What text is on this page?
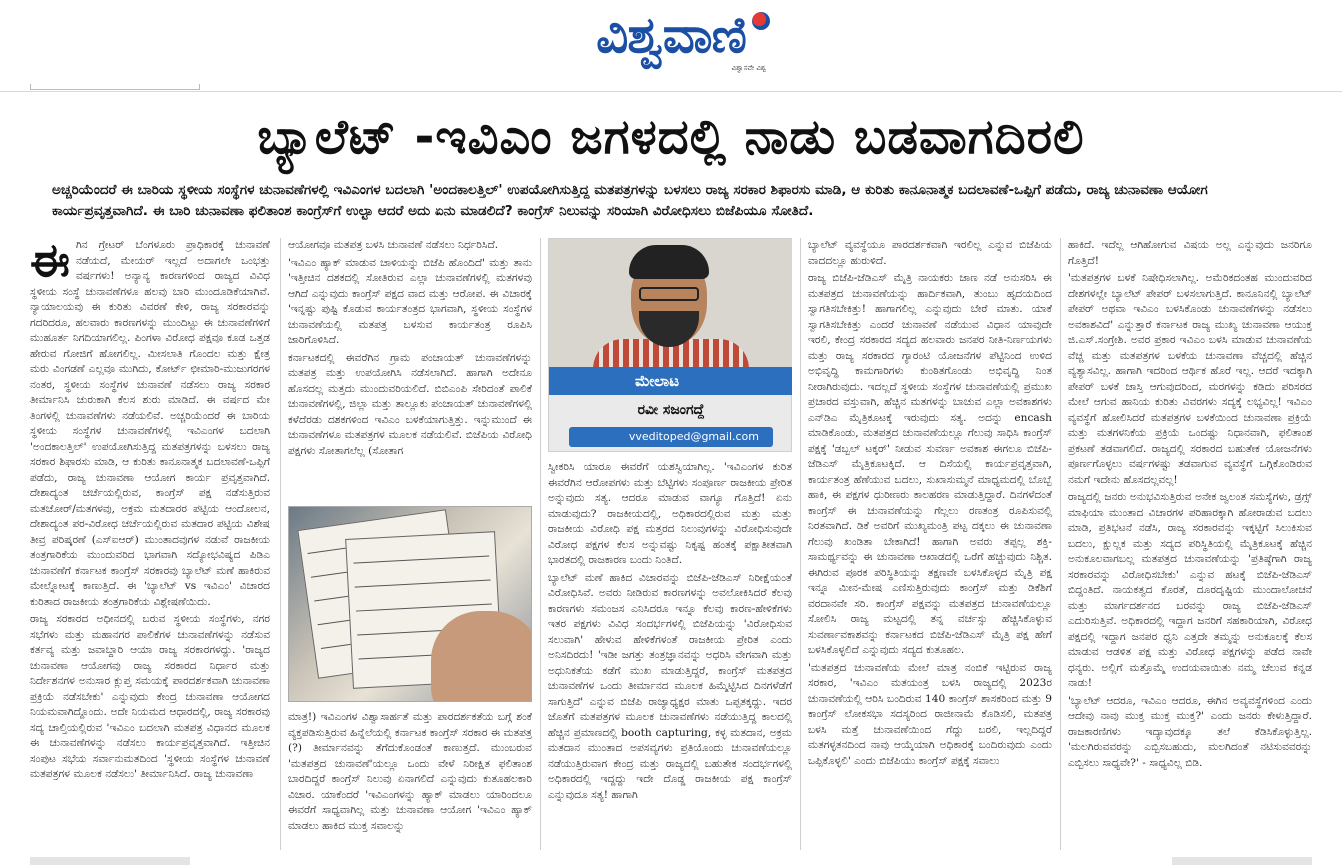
ವಿಶ್ವವಾಣಿ
ವಿಶ್ವಾಸವೇ ವಿಶ್ವ
ಬ್ಯಾಲೆಟ್ -ಇವಿಎಂ ಜಗಳದಲ್ಲಿ ನಾಡು ಬಡವಾಗದಿರಲಿ
ಅಚ್ಚರಿಯೆಂದರೆ ಈ ಬಾರಿಯ ಸ್ಥಳೀಯ ಸಂಸ್ಥೆಗಳ ಚುನಾವಣೆಗಳಲ್ಲಿ ಇವಿಎಂಗಳ ಬದಲಾಗಿ 'ಅಂದಕಾಲತ್ತಿಲ್' ಉಪಯೋಗಿಸುತ್ತಿದ್ದ ಮತಪತ್ರಗಳನ್ನು ಬಳಸಲು ರಾಜ್ಯ ಸರಕಾರ ಶಿಫಾರಸು ಮಾಡಿ, ಆ ಕುರಿತು ಕಾನೂನಾತ್ಮಕ ಬದಲಾವಣೆ-ಒಪ್ಪಿಗೆ ಪಡೆದು, ರಾಜ್ಯ ಚುನಾವಣಾ ಆಯೋಗ ಕಾರ್ಯಪ್ರವೃತ್ತವಾಗಿದೆ. ಈ ಬಾರಿ ಚುನಾವಣಾ ಫಲಿತಾಂಶ ಕಾಂಗ್ರೆಸ್‌ಗೆ ಉಲ್ಟಾ ಆದರೆ ಅದು ಏನು ಮಾಡಲಿದೆ? ಕಾಂಗ್ರೆಸ್ ನಿಲುವನ್ನು ಸರಿಯಾಗಿ ವಿರೋಧಿಸಲು ಬಿಜೆಪಿಯೂ ಸೋತಿದೆ.

ಈ ಗಿನ ಗ್ರೇಟರ್ ಬೆಂಗಳೂರು ಪ್ರಾಧಿಕಾರಕ್ಕೆ ಚುನಾವಣೆ ನಡೆಯದೆ, ಮೇಯರ್ ಇಲ್ಲದೆ ಅದಾಗಲೇ ಒಂಭತ್ತು ವರ್ಷಗಳು! ಅನ್ಯಾನ್ಯ ಕಾರಣಗಳಿಂದ ರಾಜ್ಯದ ವಿವಿಧ ಸ್ಥಳೀಯ ಸಂಸ್ಥೆ ಚುನಾವಣೆಗಳೂ ಹಲವು ಬಾರಿ ಮುಂದೂಡಿಕೆಯಾಗಿವೆ. ನ್ಯಾಯಾಲಯವು ಈ ಕುರಿತು ವಿವರಣೆ ಕೇಳಿ, ರಾಜ್ಯ ಸರಕಾರವನ್ನು ಗದರಿದರೂ, ಹಲವಾರು ಕಾರಣಗಳನ್ನು ಮುಂದಿಟ್ಟು ಈ ಚುನಾವಣೆಗಳಿಗೆ ಮುಹೂರ್ತ ನಿಗದಿಯಾಗಲಿಲ್ಲ. ಪಿಂಗಳಾ ವಿರೋಧ ಪಕ್ಷವೂ ಕೂಡ ಒತ್ತಡ ಹೇರುವ ಗೋಜಿಗೆ ಹೋಗಲಿಲ್ಲ. ಮೀಸಲಾತಿ ಗೊಂದಲ ಮತ್ತು ಕ್ಷೇತ್ರ ಮರು ವಿಂಗಡಣೆ ಎಲ್ಲವೂ ಮುಗಿದು, ಕೋರ್ಟ್ ಛೀಮಾರಿ-ಮುಜುಗರಗಳ ನಂತರ, ಸ್ಥಳೀಯ ಸಂಸ್ಥೆಗಳ ಚುನಾವಣೆ ನಡೆಸಲು ರಾಜ್ಯ ಸರಕಾರ ತೀರ್ಮಾನಿಸಿ ಚುರುಕಾಗಿ ಕೆಲಸ ಶುರು ಮಾಡಿದೆ. ಈ ವರ್ಷದ ಮೇ ತಿಂಗಳಲ್ಲಿ ಚುನಾವಣೆಗಳು ನಡೆಯಲಿವೆ. ಅಚ್ಚರಿಯೆಂದರೆ ಈ ಬಾರಿಯ ಸ್ಥಳೀಯ ಸಂಸ್ಥೆಗಳ ಚುನಾವಣೆಗಳಲ್ಲಿ ಇವಿಎಂಗಳ ಬದಲಾಗಿ 'ಅಂದಕಾಲತ್ತಿಲ್' ಉಪಯೋಗಿಸುತ್ತಿದ್ದ ಮತಪತ್ರಗಳನ್ನು ಬಳಸಲು ರಾಜ್ಯ ಸರಕಾರ ಶಿಫಾರಸು ಮಾಡಿ, ಆ ಕುರಿತು ಕಾನೂನಾತ್ಮಕ ಬದಲಾವಣೆ-ಒಪ್ಪಿಗೆ ಪಡೆದು, ರಾಜ್ಯ ಚುನಾವಣಾ ಆಯೋಗ ಕಾರ್ಯ ಪ್ರವೃತ್ತವಾಗಿದೆ. ದೇಶಾದ್ಯಂತ ಚರ್ಚೆಯಲ್ಲಿರುವ, ಕಾಂಗ್ರೆಸ್ ಪಕ್ಷ ನಡೆಸುತ್ತಿರುವ ಮತಚೋರ್/ಮತಗಳವು, ಅಕ್ರಮ ಮತದಾರರ ಪಟ್ಟಿಯ ಆಂದೋಲನ, ದೇಶಾದ್ಯಂತ ಪರ-ವಿರೋಧ ಚರ್ಚೆಯಲ್ಲಿರುವ ಮತದಾರ ಪಟ್ಟಿಯ ವಿಶೇಷ ತೀವ್ರ ಪರಿಷ್ಕರಣೆ (ಎಸ್ಐಆರ್) ಮುಂತಾದವುಗಳ ನಡುವೆ ರಾಜಕೀಯ ತಂತ್ರಗಾರಿಕೆಯ ಮುಂದುವರಿದ ಭಾಗವಾಗಿ ಸದ್ಯೋಭವಿಷ್ಯದ ಪಿಡಿಎ ಚುನಾವಣೆಗೆ ಕರ್ನಾಟಕ ಕಾಂಗ್ರೆಸ್ ಸರಕಾರವು ಬ್ಯಾಲೆಟ್ ಮಣೆ ಹಾಕಿರುವ ಮೇಲ್ನೋಟಕ್ಕೆ ಕಾಣುತ್ತಿದೆ. ಈ 'ಬ್ಯಾಲೆಟ್ vs ಇವಿಎಂ' ವಿಚಾರದ ಕುರಿತಾದ ರಾಜಕೀಯ ತಂತ್ರಗಾರಿಕೆಯ ವಿಶ್ಲೇಷಣೆಯಿದು.

ರಾಜ್ಯ ಸರಕಾರದ ಅಧೀನದಲ್ಲಿ ಬರುವ ಸ್ಥಳೀಯ ಸಂಸ್ಥೆಗಳು, ನಗರ ಸಭೆಗಳು ಮತ್ತು ಮಹಾನಗರ ಪಾಲಿಕೆಗಳ ಚುನಾವಣೆಗಳನ್ನು ನಡೆಸುವ ಕರ್ತವ್ಯ ಮತ್ತು ಜವಾಬ್ದಾರಿ ಆಯಾ ರಾಜ್ಯ ಸರಕಾರಗಳದ್ದು. 'ರಾಜ್ಯದ ಚುನಾವಣಾ ಆಯೋಗವು ರಾಜ್ಯ ಸರಕಾರದ ನಿರ್ಧಾರ ಮತ್ತು ನಿರ್ದೇಶನಗಳ ಅನುಸಾರ ಕ್ಲುಪ್ತ ಸಮಯಕ್ಕೆ ಪಾರದರ್ಶಕವಾಗಿ ಚುನಾವಣಾ ಪ್ರಕ್ರಿಯೆ ನಡೆಸಬೇಕು' ಎನ್ನುವುದು ಕೇಂದ್ರ ಚುನಾವಣಾ ಆಯೋಗದ ನಿಯಮವಾಗಿದ್ದೊಂದು. ಅದೇ ನಿಯಮದ ಆಧಾರದಲ್ಲಿ, ರಾಜ್ಯ ಸರಕಾರವು ಸದ್ಯ ಚಾಲ್ತಿಯಲ್ಲಿರುವ 'ಇವಿಎಂ ಬದಲಾಗಿ ಮತಪತ್ರ ವಿಧಾನದ ಮೂಲಕ ಈ ಚುನಾವಣೆಗಳನ್ನು ನಡೆಸಲು ಕಾರ್ಯಪ್ರವೃತ್ತವಾಗಿದೆ. ಇತ್ತೀಚಿನ ಸಂಪುಟ ಸಭೆಯ ಸರ್ವಾನುಮತದಿಂದ 'ಸ್ಥಳೀಯ ಸಂಸ್ಥೆಗಳ ಚುನಾವಣೆ ಮತಪತ್ರಗಳ ಮೂಲಕ ನಡೆಸಲು' ತೀರ್ಮಾನಿಸಿದೆ. ರಾಜ್ಯ ಚುನಾವಣಾ

ಆಯೋಗವೂ ಮತಪತ್ರ ಬಳಸಿ ಚುನಾವಣೆ ನಡೆಸಲು ನಿರ್ಧರಿಸಿದೆ.

'ಇವಿಎಂ ಹ್ಯಾಕ್ ಮಾಡುವ ಚಾಳಿಯನ್ನು ಬಿಜೆಪಿ ಹೊಂದಿದೆ' ಮತ್ತು ತಾನು 'ಇತ್ತೀಚಿನ ದಶಕದಲ್ಲಿ ಸೋತಿರುವ ಎಲ್ಲಾ ಚುನಾವಣೆಗಳಲ್ಲಿ ಮತಗಳವು ಆಗಿದೆ ಎನ್ನುವುದು ಕಾಂಗ್ರೆಸ್ ಪಕ್ಷದ ವಾದ ಮತ್ತು ಆರೋಪ. ಈ ವಿಚಾರಕ್ಕೆ 'ಇನ್ನಷ್ಟು ಪುಷ್ಟಿ ಕೊಡುವ ಕಾರ್ಯತಂತ್ರದ ಭಾಗವಾಗಿ, ಸ್ಥಳೀಯ ಸಂಸ್ಥೆಗಳ ಚುನಾವಣೆಯಲ್ಲಿ ಮತಪತ್ರ ಬಳಸುವ ಕಾರ್ಯತಂತ್ರ ರೂಪಿಸಿ ಜಾರಿಗೊಳಿಸಿದೆ.

ಕರ್ನಾಟಕದಲ್ಲಿ ಈವರೆಗಿನ ಗ್ರಾಮ ಪಂಚಾಯತ್ ಚುನಾವಣೆಗಳನ್ನು ಮತಪತ್ರ ಮತ್ತು ಉಪಯೋಗಿಸಿ ನಡೆಸಲಾಗಿದೆ. ಹಾಗಾಗಿ ಅದೇನೂ ಹೊಸದಲ್ಲ ಮತ್ತದು ಮುಂದುವರಿಯಲಿದೆ. ಬಿಬಿಎಂಪಿ ಸೇರಿದಂತೆ ಪಾಲಿಕೆ ಚುನಾವಣೆಗಳಲ್ಲಿ, ಜಿಲ್ಲಾ ಮತ್ತು ತಾಲ್ಲೂಕು ಪಂಚಾಯತ್ ಚುನಾವಣೆಗಳಲ್ಲಿ ಕಳೆದೆರಡು ದಶಕಗಳಿಂದ ಇವಿಎಂ ಬಳಕೆಯಾಗುತ್ತಿತ್ತು. ಇನ್ನುಮುಂದೆ ಈ ಚುನಾವಣೆಗಳೂ ಮತಪತ್ರಗಳ ಮೂಲಕ ನಡೆಯಲಿವೆ. ಬಿಜೆಪಿಯ ವಿರೋಧಿ ಪಕ್ಷಗಳು ಸೋತಾಗಲೆಲ್ಲ (ಸೋತಾಗ

ಮಾತ್ರ!) ಇವಿಎಂಗಳ ವಿಶ್ವಾಸಾರ್ಹತೆ ಮತ್ತು ಪಾರದರ್ಶಕತೆಯ ಬಗ್ಗೆ ಶಂಕೆ ವ್ಯಕ್ತಪಡಿಸುತ್ತಿರುವ ಹಿನ್ನೆಲೆಯಲ್ಲಿ ಕರ್ನಾಟಕ ಕಾಂಗ್ರೆಸ್ ಸರಕಾರ ಈ ಮತಪತ್ರ (?) ತೀರ್ಮಾನವನ್ನು ತೆಗೆದುಕೊಂಡಂತೆ ಕಾಣುತ್ತದೆ. ಮುಂಬರುವ 'ಮತಪತ್ರದ ಚುನಾವಣೆ'ಯಲ್ಲೂ ಒಂದು ವೇಳೆ ನಿರೀಕ್ಷಿತ ಫಲಿತಾಂಶ ಬಾರದಿದ್ದರೆ ಕಾಂಗ್ರೆಸ್ ನಿಲುವು ಏನಾಗಲಿದೆ ಎನ್ನುವುದು ಕುತೂಹಲಕಾರಿ ವಿಚಾರ. ಯಾಕೆಂದರೆ 'ಇವಿಎಂಗಳನ್ನು ಹ್ಯಾಕ್ ಮಾಡಲು ಯಾರಿಂದಲೂ ಈವರೆಗೆ ಸಾಧ್ಯವಾಗಿಲ್ಲ ಮತ್ತು ಚುನಾವಣಾ ಆಯೋಗ 'ಇವಿಎಂ ಹ್ಯಾಕ್ ಮಾಡಲು ಹಾಕಿದ ಮುಕ್ತ ಸವಾಲನ್ನು

ಮೇಲಾಟ
ರವೀ ಸಜಂಗದ್ದೆ
vveditoped@gmail.com

ಸ್ವೀಕರಿಸಿ ಯಾರೂ ಈವರೆಗೆ ಯಶಸ್ವಿಯಾಗಿಲ್ಲ. 'ಇವಿಎಂಗಳ ಕುರಿತ ಈವರೆಗಿನ ಆರೋಪಗಳು ಮತ್ತು ಬೆಟ್ಟಿಗಳು ಸಂಪೂರ್ಣ ರಾಜಕೀಯ ಪ್ರೇರಿತ ಅನ್ನುವುದು ಸತ್ಯ. ಆದರೂ ಮಾಡುವ ವಾಗ್ಯೂ ಗೊತ್ತಿದೆ! ಏನು ಮಾಡುವುದು? ರಾಜಕೀಯದಲ್ಲಿ, ಅಧಿಕಾರದಲ್ಲಿರುವ ಮತ್ತು ಮತ್ತು ರಾಜಕೀಯ ವಿರೋಧಿ ಪಕ್ಷ ಮತ್ತರದ ನಿಲುವುಗಳನ್ನು ವಿರೋಧಿಸುವುದೇ ವಿರೋಧ ಪಕ್ಷಗಳ ಕೆಲಸ ಅನ್ನುವಷ್ಟು ನಿಕೃಷ್ಟ ಹಂತಕ್ಕೆ ಪಕ್ಷಾತೀತವಾಗಿ ಭಾರತದಲ್ಲಿ ರಾಜಕಾರಣ ಬಂದು ನಿಂತಿದೆ.

ಬ್ಯಾಲೆಟ್ ಮಣೆ ಹಾಕಿದ ವಿಚಾರವನ್ನು ಬಿಜೆಪಿ-ಜೆಡಿಎಸ್ ನಿರೀಕ್ಷೆಯಂತೆ ವಿರೋಧಿಸಿವೆ. ಅವರು ನೀಡಿರುವ ಕಾರಣಗಳನ್ನು ಅವಲೋಕಿಸಿದರೆ ಕೆಲವು ಕಾರಣಗಳು ಸಮಂಜಸ ಎನಿಸಿದರೂ ಇನ್ನೂ ಕೆಲವು ಕಾರಣ-ಹೇಳಿಕೆಗಳು ಇತರ ಪಕ್ಷಗಳು ವಿವಿಧ ಸಂದರ್ಭಗಳಲ್ಲಿ ಬಿಜೆಪಿಯನ್ನು 'ವಿರೋಧಿಸುವ ಸಲುವಾಗಿ' ಹೇಳುವ ಹೇಳಿಕೆಗಳಂತೆ ರಾಜಕೀಯ ಪ್ರೇರಿತ ಎಂದು ಅನಿಸದಿರದು! 'ಇಡೀ ಜಗತ್ತು ತಂತ್ರಜ್ಞಾನವನ್ನು ಅಧರಿಸಿ ವೇಗವಾಗಿ ಮತ್ತು ಅಧುನಿಕತೆಯ ಕಡೆಗೆ ಮುಖ ಮಾಡುತ್ತಿದ್ದರೆ, ಕಾಂಗ್ರೆಸ್ ಮತಪತ್ರದ ಚುನಾವಣೆಗಳ ಒಂದು ತೀರ್ಮಾನದ ಮೂಲಕ ಹಿಮ್ಮೆಟ್ಟಿಸಿದ ದಿನಗಳೆಡೆಗೆ ಸಾಗುತ್ತಿದೆ' ಎನ್ನುವ ಬಿಜೆಪಿ ರಾಜ್ಯಾಧ್ಯಕ್ಷರ ಮಾತು ಒಪ್ಪತಕ್ಕದ್ದು. ಇದರ ಜೊತೆಗೆ ಮತಪತ್ರಗಳ ಮೂಲಕ ಚುನಾವಣೆಗಳು ನಡೆಯುತ್ತಿದ್ದ ಕಾಲದಲ್ಲಿ ಹೆಚ್ಚಿನ ಪ್ರಮಾಣದಲ್ಲಿ booth capturing, ಕಳ್ಳ ಮತದಾನ, ಅಕ್ರಮ ಮತದಾನ ಮುಂತಾದ ಅಪಸವ್ಯಗಳು ಪ್ರತಿಯೊಂದು ಚುನಾವಣೆಯಲ್ಲೂ ನಡೆಯುತ್ತಿರುವಾಗ ಕೇಂದ್ರ ಮತ್ತು ರಾಜ್ಯದಲ್ಲಿ ಬಹುತೇಕ ಸಂದರ್ಭಗಳಲ್ಲಿ ಅಧಿಕಾರದಲ್ಲಿ ಇದ್ದದ್ದು ಇದೇ ದೊಡ್ಡ ರಾಜಕೀಯ ಪಕ್ಷ ಕಾಂಗ್ರೆಸ್ ಎನ್ನುವುದೂ ಸತ್ಯ! ಹಾಗಾಗಿ

ಬ್ಯಾಲೆಟ್ ವ್ಯವಸ್ಥೆಯೂ ಪಾರದರ್ಶಕವಾಗಿ ಇರಲಿಲ್ಲ ಎನ್ನುವ ಬಿಜೆಪಿಯ ವಾದದಲ್ಲೂ ಹುರುಳಿದೆ.

ರಾಜ್ಯ ಬಿಜೆಪಿ-ಜೆಡಿಎಸ್ ಮೈತ್ರಿ ನಾಯಕರು ಜಾಣ ನಡೆ ಅನುಸರಿಸಿ ಈ ಮತಪತ್ರದ ಚುನಾವಣೆಯನ್ನು ಹಾರ್ದಿಕವಾಗಿ, ತುಂಬು ಹೃದಯದಿಂದ ಸ್ವಾಗತಿಸಬೇಕಿತ್ತು! ಹಾಗಾಗಲಿಲ್ಲ ಎನ್ನುವುದು ಬೇರೆ ಮಾತು. ಯಾಕೆ ಸ್ವಾಗತಿಸಬೇಕಿತ್ತು ಎಂದರೆ ಚುನಾವಣೆ ನಡೆಯುವ ವಿಧಾನ ಯಾವುದೇ ಇರಲಿ, ಕೇಂದ್ರ ಸರಕಾರದ ಸದ್ಯದ ಹಲವಾರು ಜನಪರ ನೀತಿ-ನಿರ್ಣಯಗಳು ಮತ್ತು ರಾಜ್ಯ ಸರಕಾರದ ಗ್ಯಾರಂಟಿ ಯೋಜನೆಗಳ ಪೆಟ್ಟಿನಿಂದ ಉಳಿದ ಅಭಿವೃದ್ಧಿ ಕಾಮಗಾರಿಗಳು ಕುಂಠಿತಗೊಂಡು ಅಭಿವೃದ್ಧಿ ನಿಂತ ನೀರಾಗಿರುವುದು. ಇದಲ್ಲದೆ ಸ್ಥಳೀಯ ಸಂಸ್ಥೆಗಳ ಚುನಾವಣೆಯಲ್ಲಿ ಪ್ರಮುಖ ಪ್ರಚಾರದ ವಸ್ತುವಾಗಿ, ಹೆಚ್ಚಿನ ಮತಗಳನ್ನು ಬಾಚುವ ಎಲ್ಲಾ ಅವಕಾಶಗಳು ಎನ್‌ಡಿಎ ಮೈತ್ರಿಕೂಟಕ್ಕೆ ಇರುವುದು ಸತ್ಯ. ಅದನ್ನು encash ಮಾಡಿಕೊಂಡು, ಮತಪತ್ರದ ಚುನಾವಣೆಯಲ್ಲೂ ಗೆಲುವು ಸಾಧಿಸಿ ಕಾಂಗ್ರೆಸ್ ಪಕ್ಷಕ್ಕೆ 'ಡಬ್ಬಲ್ ಟಕ್ಕರ್' ನೀಡುವ ಸುವರ್ಣ ಅವಕಾಶ ಈಗಲೂ ಬಿಜೆಪಿ-ಜೆಡಿಎಸ್ ಮೈತ್ರಿಕೂಟಕ್ಕಿದೆ. ಆ ದಿಸೆಯಲ್ಲಿ ಕಾರ್ಯಪ್ರವೃತ್ತವಾಗಿ, ಕಾರ್ಯತಂತ್ರ ಹೆಣೆಯುವ ಬದಲು, ಸುಖಾಸುಮ್ಮನೆ ಮಾಧ್ಯಮದಲ್ಲಿ ಬೊಬ್ಬೆ ಹಾಕಿ, ಈ ಪಕ್ಷಗಳ ಧುರೀಣರು ಕಾಲಹರಣ ಮಾಡುತ್ತಿದ್ದಾರೆ. ದಿನಗಳೆದಂತೆ ಕಾಂಗ್ರೆಸ್ ಈ ಚುನಾವಣೆಯನ್ನು ಗೆಲ್ಲಲು ರಣತಂತ್ರ ರೂಪಿಸುವಲ್ಲಿ ನಿರತವಾಗಿದೆ. ಡಿಕೆ ಅವರಿಗೆ ಮುಖ್ಯಮಂತ್ರಿ ಪಟ್ಟ ದಕ್ಕಲು ಈ ಚುನಾವಣಾ ಗೆಲುವು ಖಂಡಿತಾ ಬೇಕಾಗಿದೆ! ಹಾಗಾಗಿ ಅವರು ತಪ್ಪಲ್ಲ ಶಕ್ತಿ-ಸಾಮರ್ಥ್ಯವನ್ನು ಈ ಚುನಾವಣಾ ಆಖಾಡದಲ್ಲಿ ಒರೆಗೆ ಹಚ್ಚುವುದು ನಿಶ್ಚಿತ. ಈಗಿರುವ ಪೂರಕ ಪರಿಸ್ಥಿತಿಯನ್ನು ತಕ್ಷಣವೇ ಬಳಸಿಕೊಳ್ಳದ ಮೈತ್ರಿ ಪಕ್ಷ ಇನ್ನೂ ಮೀನ-ಮೇಷ ಎಣಿಸುತ್ತಿರುವುದು ಕಾಂಗ್ರೆಸ್ ಮತ್ತು ಡಿಕೆಶಿಗೆ ವರದಾನವೇ ಸರಿ. ಕಾಂಗ್ರೆಸ್ ಪಕ್ಷವನ್ನು ಮತಪತ್ರದ ಚುನಾವಣೆಯಲ್ಲೂ ಸೋಲಿಸಿ ರಾಜ್ಯ ಮಟ್ಟದಲ್ಲಿ ತನ್ನ ವರ್ಚಸ್ಸು ಹೆಚ್ಚಿಸಿಕೊಳ್ಳುವ ಸುವರ್ಣಾವಕಾಶವನ್ನು ಕರ್ನಾಟಕದ ಬಿಜೆಪಿ-ಜೆಡಿಎಸ್ ಮೈತ್ರಿ ಪಕ್ಷ ಹೇಗೆ ಬಳಸಿಕೊಳ್ಳಲಿದೆ ಎನ್ನುವುದು ಸದ್ಯದ ಕುತೂಹಲ.

'ಮತಪತ್ರದ ಚುನಾವಣೆಯ ಮೇಲೆ ಮಾತ್ರ ನಂಬಿಕೆ ಇಟ್ಟಿರುವ ರಾಜ್ಯ ಸರಕಾರ, 'ಇವಿಎಂ ಮತಯಂತ್ರ ಬಳಸಿ ರಾಜ್ಯದಲ್ಲಿ 2023ರ ಚುನಾವಣೆಯಲ್ಲಿ ಆರಿಸಿ ಬಂದಿರುವ 140 ಕಾಂಗ್ರೆಸ್ ಶಾಸಕರಿಂದ ಮತ್ತು 9 ಕಾಂಗ್ರೆಸ್ ಲೋಕಸಭಾ ಸದಸ್ಯರಿಂದ ರಾಜೀನಾಮೆ ಕೊಡಿಸಲಿ, ಮತಪತ್ರ ಬಳಸಿ ಮತ್ತೆ ಚುನಾವಣೆಯಿಂದ ಗೆದ್ದು ಬರಲಿ, ಇಲ್ಲದಿದ್ದರೆ ಮತಗಳ್ಳತನದಿಂದ ನಾವು ಆಯ್ಕೆಯಾಗಿ ಅಧಿಕಾರಕ್ಕೆ ಬಂದಿರುವುದು ಎಂದು ಒಪ್ಪಿಕೊಳ್ಳಲಿ' ಎಂದು ಬಿಜೆಪಿಯು ಕಾಂಗ್ರೆಸ್ ಪಕ್ಷಕ್ಕೆ ಸವಾಲು

ಹಾಕಿದೆ. ಇದೆಲ್ಲ ಆಗಿಹೋಗುವ ವಿಷಯ ಅಲ್ಲ ಎನ್ನುವುದು ಜನರಿಗೂ ಗೊತ್ತಿದೆ!

'ಮತಪತ್ರಗಳ ಬಳಕೆ ನಿಷೇಧಿಸಲಾಗಿಲ್ಲ. ಅಮೆರಿಕದಂತಹ ಮುಂದುವರಿದ ದೇಶಗಳಲ್ಲೇ ಬ್ಯಾಲೆಟ್ ಪೇಪರ್ ಬಳಸಲಾಗುತ್ತಿದೆ. ಕಾನೂನಿನಲ್ಲಿ ಬ್ಯಾಲೆಟ್ ಪೇಪರ್ ಅಥವಾ ಇವಿಎಂ ಬಳಸಿಕೊಂಡು ಚುನಾವಣೆಗಳನ್ನು ನಡೆಸಲು ಅವಕಾಶವಿದೆ' ಎನ್ನುತ್ತಾರೆ ಕರ್ನಾಟಕ ರಾಜ್ಯ ಮುಖ್ಯ ಚುನಾವಣಾ ಆಯುಕ್ತ ಜಿ.ಎಸ್.ಸಂಗ್ರೇಶಿ. ಅವರ ಪ್ರಕಾರ ಇವಿಎಂ ಬಳಸಿ ಮಾಡುವ ಚುನಾವಣೆಯ ವೆಚ್ಚ ಮತ್ತು ಮತಪತ್ರಗಳ ಬಳಕೆಯ ಚುನಾವಣಾ ವೆಚ್ಚದಲ್ಲಿ ಹೆಚ್ಚಿನ ವ್ಯತ್ಯಾಸವಿಲ್ಲ. ಹಾಗಾಗಿ ಇದರಿಂದ ಆರ್ಥಿಕ ಹೊರೆ ಇಲ್ಲ. ಆದರೆ ಇದಕ್ಕಾಗಿ ಪೇಪರ್ ಬಳಕೆ ಜಾಸ್ತಿ ಆಗುವುದರಿಂದ, ಮರಗಳನ್ನು ಕಡಿದು ಪರಿಸರದ ಮೇಲೆ ಆಗುವ ಹಾನಿಯ ಕುರಿತು ವಿವರಗಳು ಸದ್ಯಕ್ಕೆ ಲಭ್ಯವಿಲ್ಲ! ಇವಿಎಂ ವ್ಯವಸ್ಥೆಗೆ ಹೋಲಿಸಿದರೆ ಮತಪತ್ರಗಳ ಬಳಕೆಯಿಂದ ಚುನಾವಣಾ ಪ್ರಕ್ರಿಯೆ ಮತ್ತು ಮತಗಳನಿಕೆಯ ಪ್ರಕ್ರಿಯೆ ಒಂದಷ್ಟು ನಿಧಾನವಾಗಿ, ಫಲಿತಾಂಶ ಪ್ರಕಟಣೆ ತಡವಾಗಲಿದೆ. ರಾಜ್ಯದಲ್ಲಿ ಸರಕಾರದ ಬಹುತೇಕ ಯೋಜನೆಗಳು ಪೂರ್ಣಗೊಳ್ಳಲು ವರ್ಷಗಳಷ್ಟು ತಡವಾಗುವ ವ್ಯವಸ್ಥೆಗೆ ಒಗ್ಗಿಕೊಂಡಿರುವ ನಮಗೆ ಇದೇನು ಹೊಸದಲ್ಲವಲ್ಲ!

ರಾಜ್ಯದಲ್ಲಿ ಜನರು ಅನುಭವಿಸುತ್ತಿರುವ ಅನೇಕ ಜ್ವಲಂತ ಸಮಸ್ಯೆಗಳು, ಡ್ರಗ್ಸ್ ಮಾಫಿಯಾ ಮುಂತಾದ ವಿಚಾರಗಳ ಪರಿಹಾರಕ್ಕಾಗಿ ಹೋರಾಡುವ ಬದಲು ಮಾಡಿ, ಪ್ರತಿಭಟನೆ ನಡೆಸಿ, ರಾಜ್ಯ ಸರಕಾರವನ್ನು ಇಕ್ಕಟ್ಟಿಗೆ ಸಿಲುಕಿಸುವ ಬದಲು, ಕ್ಷುಲ್ಲಕ ಮತ್ತು ಸದ್ಯದ ಪರಿಸ್ಥಿತಿಯಲ್ಲಿ ಮೈತ್ರಿಕೂಟಕ್ಕೆ ಹೆಚ್ಚಿನ ಅನುಕೂಲವಾಗಬಲ್ಲ ಮತಪತ್ರದ ಚುನಾವಣೆಯನ್ನು 'ಪ್ರತಿಷ್ಠೆಗಾಗಿ ರಾಜ್ಯ ಸರಕಾರವನ್ನು ವಿರೋಧಿಸಬೇಕು' ಎನ್ನುವ ಹಟಕ್ಕೆ ಬಿಜೆಪಿ-ಜೆಡಿಎಸ್ ಬಿದ್ದಂತಿದೆ. ನಾಯಕತ್ವದ ಕೊರತೆ, ದೂರದೃಷ್ಟಿಯ ಮುಂದಾಲೋಚನೆ ಮತ್ತು ಮಾರ್ಗದರ್ಶನದ ಬರವನ್ನು ರಾಜ್ಯ ಬಿಜೆಪಿ-ಜೆಡಿಎಸ್ ಎದುರಿಸುತ್ತಿವೆ. ಅಧಿಕಾರದಲ್ಲಿ ಇದ್ದಾಗ ಜನರಿಗೆ ಸಹಕಾರಿಯಾಗಿ, ವಿರೋಧ ಪಕ್ಷದಲ್ಲಿ ಇದ್ದಾಗ ಜನಪರ ಧ್ವನಿ ಎತ್ತದೇ ತಮ್ಮನ್ನು ಅನುಕೂಲಕ್ಕೆ ಕೆಲಸ ಮಾಡುವ ಆಡಳಿತ ಪಕ್ಷ ಮತ್ತು ವಿರೋಧ ಪಕ್ಷಗಳನ್ನು ಪಡೆದ ನಾವೇ ಧನ್ಯರು. ಅಲ್ಲಿಗೆ ಮತ್ತೊಮ್ಮೆ ಉದಯವಾಯಿತು ನಮ್ಮ ಚೆಲುವ ಕನ್ನಡ ನಾಡು!

'ಬ್ಯಾಲೆಟ್ ಆದರೂ, ಇವಿಎಂ ಆದರೂ, ಈಗಿನ ಅವ್ಯವಸ್ಥೆಗಳಿಂದ ಎಂದು ಆದೇವು ನಾವು ಮುಕ್ತ ಮುಕ್ತ ಮುಕ್ತ?' ಎಂದು ಜನರು ಕೇಳುತ್ತಿದ್ದಾರೆ. ರಾಜಕಾರಣಿಗಳು ಇದ್ಯಾವುದಕ್ಕೂ ತಲೆ ಕೆಡಿಸಿಕೊಳ್ಳುತ್ತಿಲ್ಲ. 'ಮಲಗಿರುವವರನ್ನು ಎಬ್ಬಿಸಬಹುದು, ಮಲಗಿದಂತೆ ನಟಿಸುವವರನ್ನು ಎಬ್ಬಿಸಲು ಸಾಧ್ಯವೇ?' - ಸಾಧ್ಯವಿಲ್ಲ ಬಿಡಿ.
